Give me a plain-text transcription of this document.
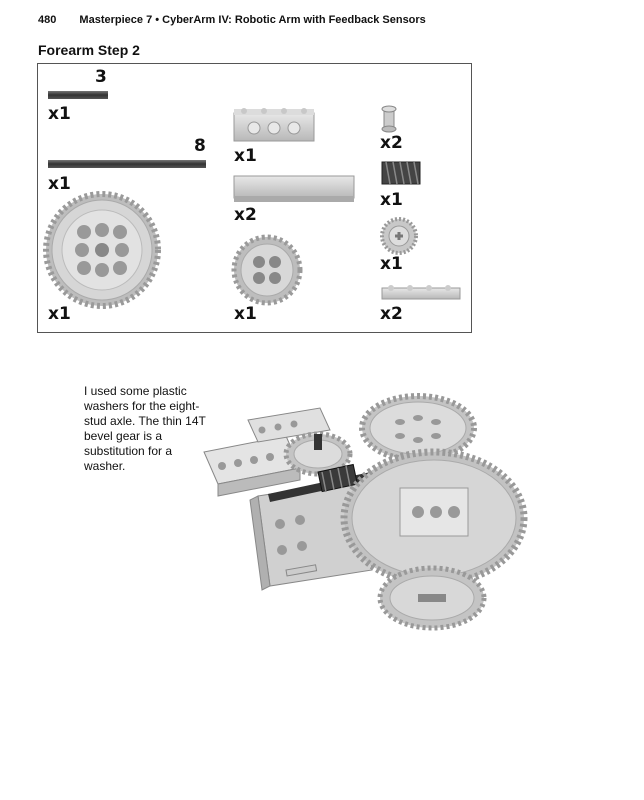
480 Masterpiece 7 • CyberArm IV: Robotic Arm with Feedback Sensors
Forearm Step 2
3
8
x1
x1
x1
x1
x2
x1
x2
x1
x1
x2
I used some plastic washers for the eight-stud axle. The thin 14T bevel gear is a substitution for a washer.
